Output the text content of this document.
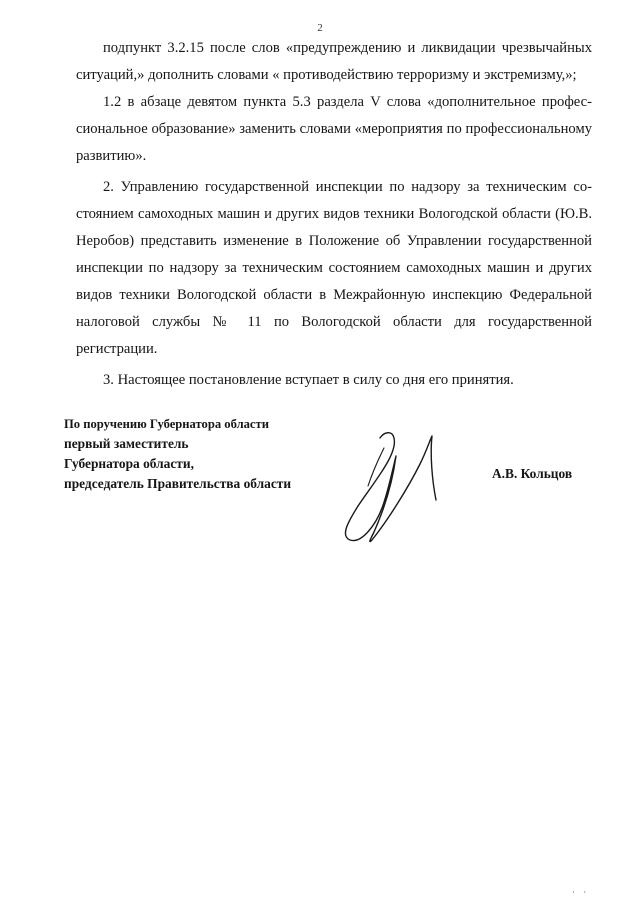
2

подпункт 3.2.15 после слов «предупреждению и ликвидации чрезвычайных ситуаций,» дополнить словами « противодействию терроризму и экстремизму,»;

1.2 в абзаце девятом пункта 5.3 раздела V слова «дополнительное профессиональное образование» заменить словами «мероприятия по профессиональному развитию».

2. Управлению государственной инспекции по надзору за техническим состоянием самоходных машин и других видов техники Вологодской области (Ю.В. Неробов) представить изменение в Положение об Управлении государственной инспекции по надзору за техническим состоянием самоходных машин и других видов техники Вологодской области в Межрайонную инспекцию Федеральной налоговой службы № 11 по Вологодской области для государственной регистрации.

3. Настоящее постановление вступает в силу со дня его принятия.

По поручению Губернатора области
первый заместитель
Губернатора области,
председатель Правительства области
А.В. Кольцов
· ·
